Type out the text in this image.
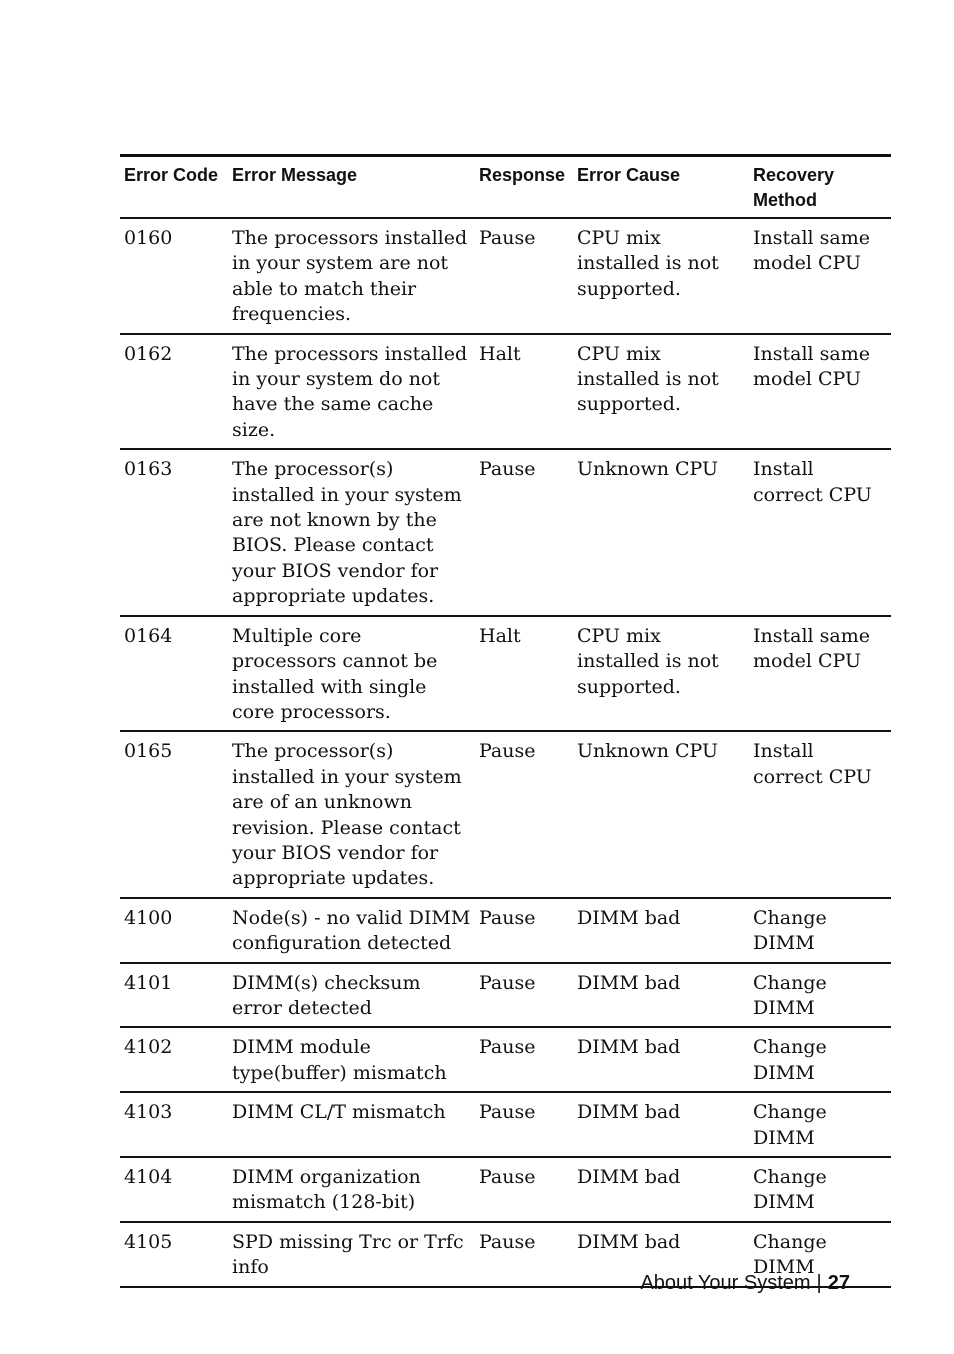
Error Code	Error Message	Response	Error Cause	Recovery Method
0160	The processors installed in your system are not able to match their frequencies.	Pause	CPU mix installed is not supported.	Install same model CPU
0162	The processors installed in your system do not have the same cache size.	Halt	CPU mix installed is not supported.	Install same model CPU
0163	The processor(s) installed in your system are not known by the BIOS. Please contact your BIOS vendor for appropriate updates.	Pause	Unknown CPU	Install correct CPU
0164	Multiple core processors cannot be installed with single core processors.	Halt	CPU mix installed is not supported.	Install same model CPU
0165	The processor(s) installed in your system are of an unknown revision. Please contact your BIOS vendor for appropriate updates.	Pause	Unknown CPU	Install correct CPU
4100	Node(s) - no valid DIMM configuration detected	Pause	DIMM bad	Change DIMM
4101	DIMM(s) checksum error detected	Pause	DIMM bad	Change DIMM
4102	DIMM module type(buffer) mismatch	Pause	DIMM bad	Change DIMM
4103	DIMM CL/T mismatch	Pause	DIMM bad	Change DIMM
4104	DIMM organization mismatch (128-bit)	Pause	DIMM bad	Change DIMM
4105	SPD missing Trc or Trfc info	Pause	DIMM bad	Change DIMM
About Your System | 27
